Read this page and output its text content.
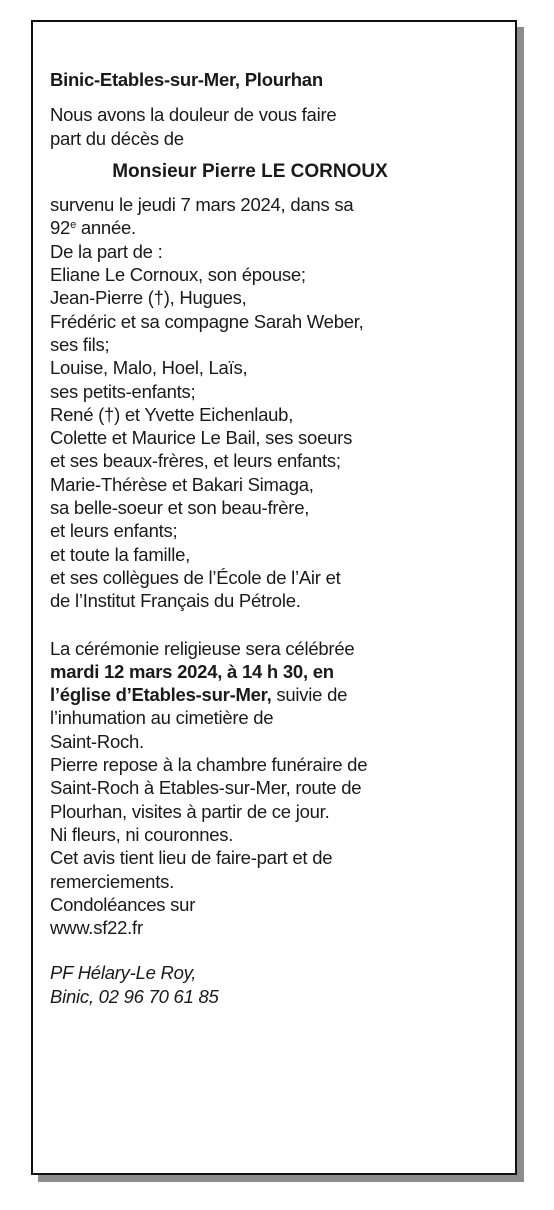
Binic-Etables-sur-Mer, Plourhan
Nous avons la douleur de vous faire
part du décès de
Monsieur Pierre LE CORNOUX
survenu le jeudi 7 mars 2024, dans sa
92e année.
De la part de :
Eliane Le Cornoux, son épouse;
Jean-Pierre (†), Hugues,
Frédéric et sa compagne Sarah Weber,
ses fils;
Louise, Malo, Hoel, Laïs,
ses petits-enfants;
René (†) et Yvette Eichenlaub,
Colette et Maurice Le Bail, ses soeurs
et ses beaux-frères, et leurs enfants;
Marie-Thérèse et Bakari Simaga,
sa belle-soeur et son beau-frère,
et leurs enfants;
et toute la famille,
et ses collègues de l’École de l’Air et
de l’Institut Français du Pétrole.
La cérémonie religieuse sera célébrée
mardi 12 mars 2024, à 14 h 30, en
l’église d’Etables-sur-Mer, suivie de
l’inhumation au cimetière de
Saint-Roch.
Pierre repose à la chambre funéraire de
Saint-Roch à Etables-sur-Mer, route de
Plourhan, visites à partir de ce jour.
Ni fleurs, ni couronnes.
Cet avis tient lieu de faire-part et de
remerciements.
Condoléances sur
www.sf22.fr
PF Hélary-Le Roy,
Binic, 02 96 70 61 85
